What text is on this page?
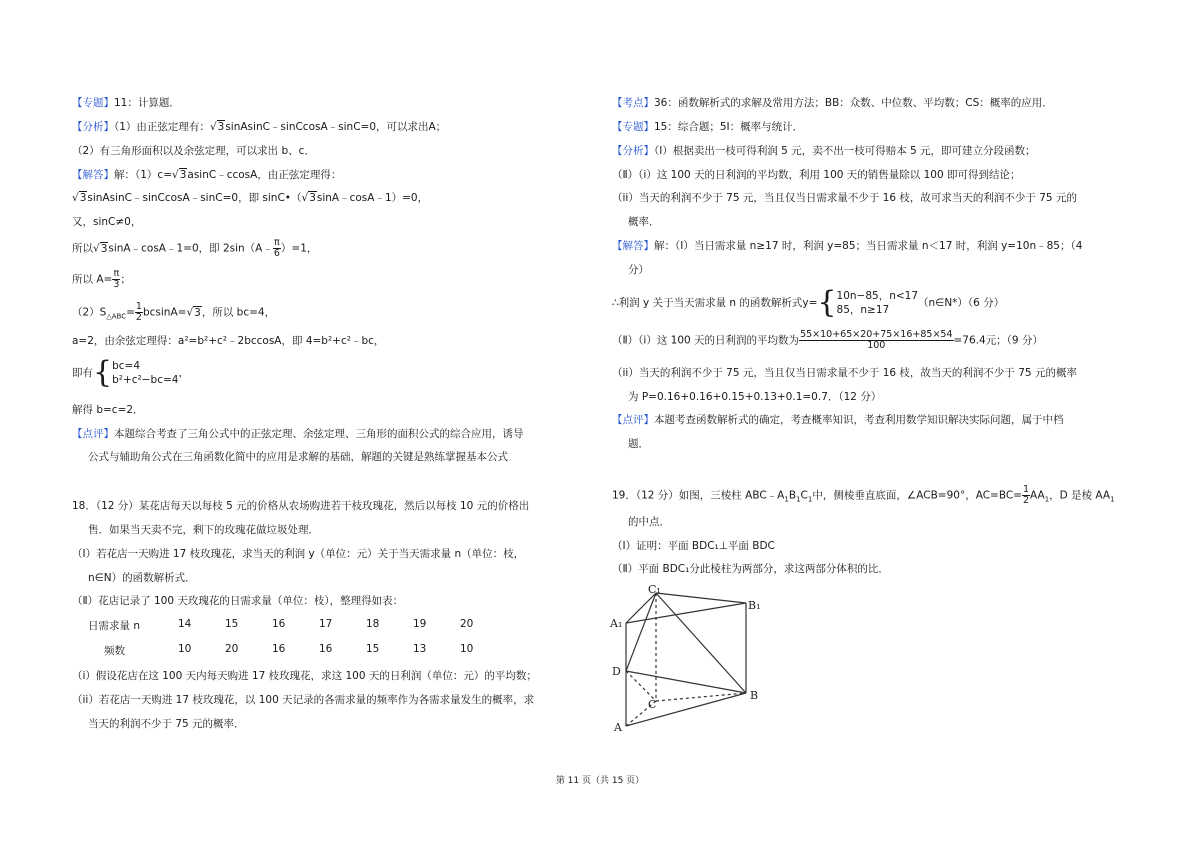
【专题】11：计算题．
【分析】（1）由正弦定理有：√3sinAsinC﹣sinCcosA﹣sinC=0，可以求出A；
（2）有三角形面积以及余弦定理，可以求出 b、c．
【解答】解：（1）c=√3asinC﹣ccosA，由正弦定理得：
√3sinAsinC﹣sinCcosA﹣sinC=0，即 sinC•（√3sinA﹣cosA﹣1）=0，
又，sinC≠0，
所以√3sinA﹣cosA﹣1=0，即 2sin（A﹣ $\frac{\pi}{6} )=1$，
所以 $A= \frac{\pi}{3}$ ；
$(2)S_{\triangle ABC}= \frac{1}{2} bcsinA=√3$，所以 bc=4，
a=2，由余弦定理得：a²=b²+c²﹣2bccosA，即 4=b²+c²﹣bc，
即有{ bc=4
b²+c²−bc=4
，
解得 b=c=2．
【点评】本题综合考查了三角公式中的正弦定理、余弦定理、三角形的面积公式的综合应用，诱导
公式与辅助角公式在三角函数化简中的应用是求解的基础，解题的关键是熟练掌握基本公式
18．（12 分）某花店每天以每枝 5 元的价格从农场购进若干枝玫瑰花，然后以每枝 10 元的价格出
售．如果当天卖不完，剩下的玫瑰花做垃圾处理．
（Ⅰ）若花店一天购进 17 枝玫瑰花，求当天的利润 y（单位：元）关于当天需求量 n（单位：枝，
n∈N）的函数解析式．
（Ⅱ）花店记录了 100 天玫瑰花的日需求量（单位：枝），整理得如表：
日需求量 n	14	15	16	17	18	19	20
频数	10	20	16	16	15	13	10
（i）假设花店在这 100 天内每天购进 17 枝玫瑰花，求这 100 天的日利润（单位：元）的平均数；
（ii）若花店一天购进 17 枝玫瑰花，以 100 天记录的各需求量的频率作为各需求量发生的概率，求
当天的利润不少于 75 元的概率．
【考点】36：函数解析式的求解及常用方法；BB：众数、中位数、平均数；CS：概率的应用．
【专题】15：综合题；5I：概率与统计．
【分析】（Ⅰ）根据卖出一枝可得利润 5 元，卖不出一枝可得赔本 5 元，即可建立分段函数；
（Ⅱ）（i）这 100 天的日利润的平均数，利用 100 天的销售量除以 100 即可得到结论；
（ii）当天的利润不少于 75 元，当且仅当日需求量不少于 16 枝，故可求当天的利润不少于 75 元的
概率．
【解答】解：（Ⅰ）当日需求量 n≥17 时，利润 y=85；当日需求量 n＜17 时，利润 y=10n﹣85；（4
分）
∴利润 y 关于当天需求量 n 的函数解析式y={ 10n−85，n<17
85，n≥17
（n∈N*）（6 分）
（Ⅱ）（i）这 100 天的日利润的平均数为 $\frac{55\times 10+65\times 20+75\times 16+85\times 54}{100} =76.4$元；（9 分）
（ii）当天的利润不少于 75 元，当且仅当日需求量不少于 16 枝，故当天的利润不少于 75 元的概率
为 P=0.16+0.16+0.15+0.13+0.1=0.7．（12 分）
【点评】本题考查函数解析式的确定，考查概率知识，考查利用数学知识解决实际问题，属于中档
题．
19．（12 分）如图，三棱柱 $ABC﹣A_1B_1C_1$中，侧棱垂直底面，∠ACB=90°，$AC=BC= \frac{1}{2} AA_1$，D 是棱 $AA_1$
的中点．
（Ⅰ）证明：平面 BDC₁⊥平面 BDC
（Ⅱ）平面 BDC₁分此棱柱为两部分，求这两部分体积的比．
C₁
B₁
A₁
D
C
B
A
第 11 页（共 15 页）
